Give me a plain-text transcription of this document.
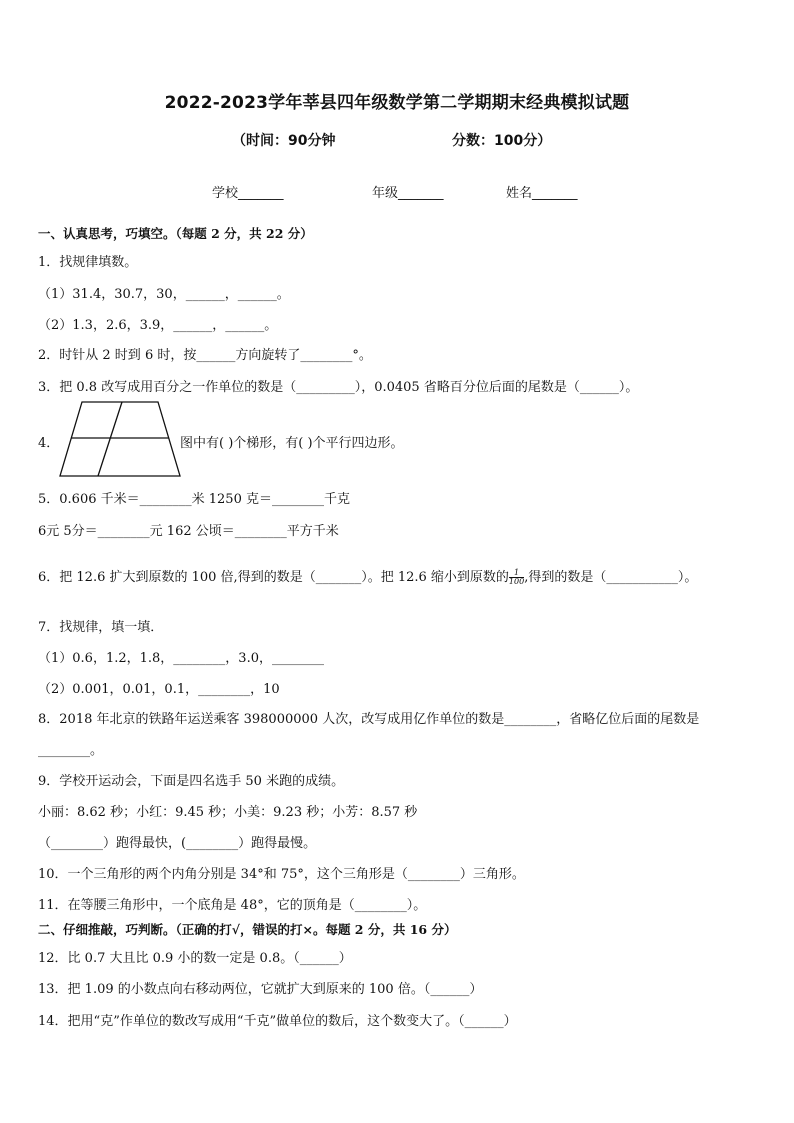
2022-2023学年莘县四年级数学第二学期期末经典模拟试题
（时间：90分钟	分数：100分）
学校_______	年级_______	姓名_______
一、认真思考，巧填空。（每题 2 分，共 22 分）
1．找规律填数。
（1）31.4，30.7，30，______，______。
（2）1.3，2.6，3.9，______，______。
2．时针从 2 时到 6 时，按______方向旋转了________°。
3．把 0.8 改写成用百分之一作单位的数是（_________），0.0405 省略百分位后面的尾数是（______）。
4．	图中有( )个梯形，有( )个平行四边形。
5．0.606 千米＝________米 1250 克＝________千克
6元 5分＝________元 162 公顷＝________平方千米
6．把 12.6 扩大到原数的 100 倍,得到的数是（_______）。把 12.6 缩小到原数的 $\frac{1}{100}$ ,得到的数是（___________）。
7．找规律，填一填．
（1）0.6，1.2，1.8，________，3.0，________
（2）0.001，0.01，0.1，________，10
8．2018 年北京的铁路年运送乘客 398000000 人次，改写成用亿作单位的数是________，省略亿位后面的尾数是
________。
9．学校开运动会，下面是四名选手 50 米跑的成绩。
小丽：8.62 秒；小红：9.45 秒；小美：9.23 秒；小芳：8.57 秒
（________）跑得最快，(________）跑得最慢。
10．一个三角形的两个内角分别是 34°和 75°，这个三角形是（________）三角形。
11．在等腰三角形中，一个底角是 48°，它的顶角是（________）。
二、仔细推敲，巧判断。（正确的打√，错误的打×。每题 2 分，共 16 分）
12．比 0.7 大且比 0.9 小的数一定是 0.8。（______）
13．把 1.09 的小数点向右移动两位，它就扩大到原来的 100 倍。（______）
14．把用“克”作单位的数改写成用“千克”做单位的数后，这个数变大了。（______）
